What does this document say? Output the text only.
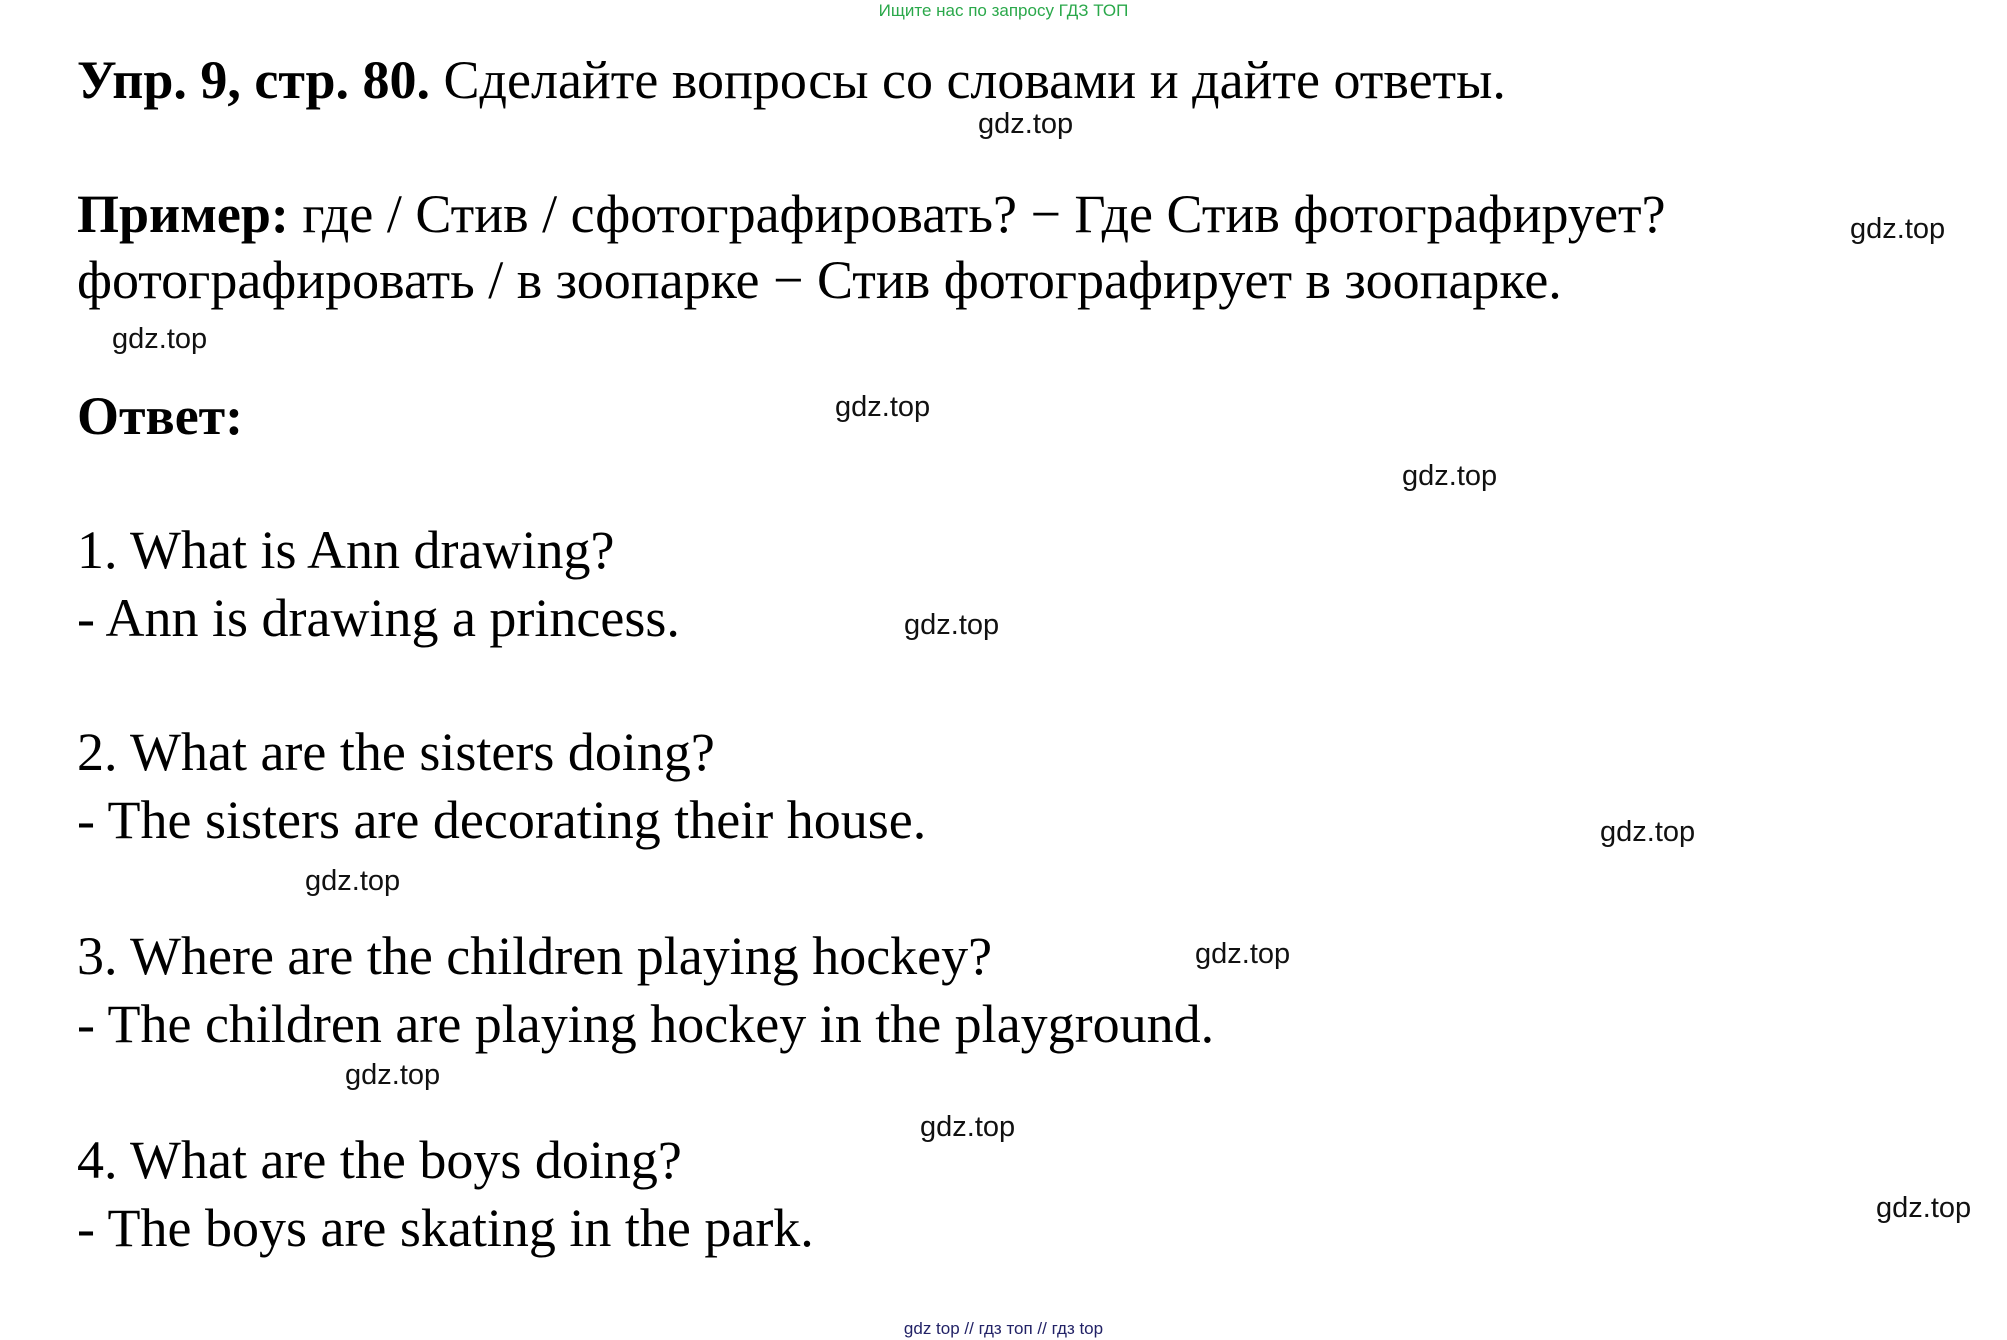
Ищите нас по запросу ГДЗ ТОП
Упр. 9, стр. 80. Сделайте вопросы со словами и дайте ответы.
Пример: где / Стив / сфотографировать? − Где Стив фотографирует?
фотографировать / в зоопарке − Стив фотографирует в зоопарке.
Ответ:
1. What is Ann drawing?
- Ann is drawing a princess.
2. What are the sisters doing?
- The sisters are decorating their house.
3. Where are the children playing hockey?
- The children are playing hockey in the playground.
4. What are the boys doing?
- The boys are skating in the park.
gdz.top
gdz.top
gdz.top
gdz.top
gdz.top
gdz.top
gdz.top
gdz.top
gdz.top
gdz.top
gdz.top
gdz.top
gdz top // гдз топ // гдз top
